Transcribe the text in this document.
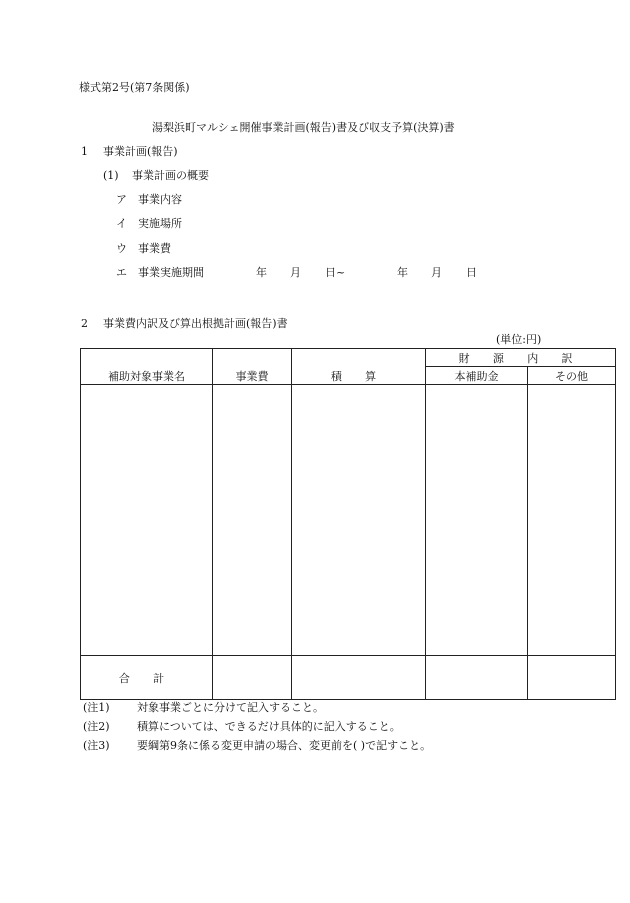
様式第2号(第7条関係)
湯梨浜町マルシェ開催事業計画(報告)書及び収支予算(決算)書
1 事業計画(報告)
(1) 事業計画の概要
ア 事業内容
イ 実施場所
ウ 事業費
エ 事業実施期間	年 月 日~	年 月 日
2 事業費内訳及び算出根拠計画(報告)書
(単位:円)
補助対象事業名	事業費	積 算	財 源 内 訳	
			本補助金	その他

合 計				
(注1) 対象事業ごとに分けて記入すること。
(注2) 積算については、できるだけ具体的に記入すること。
(注3) 要綱第9条に係る変更申請の場合、変更前を( )で記すこと。
